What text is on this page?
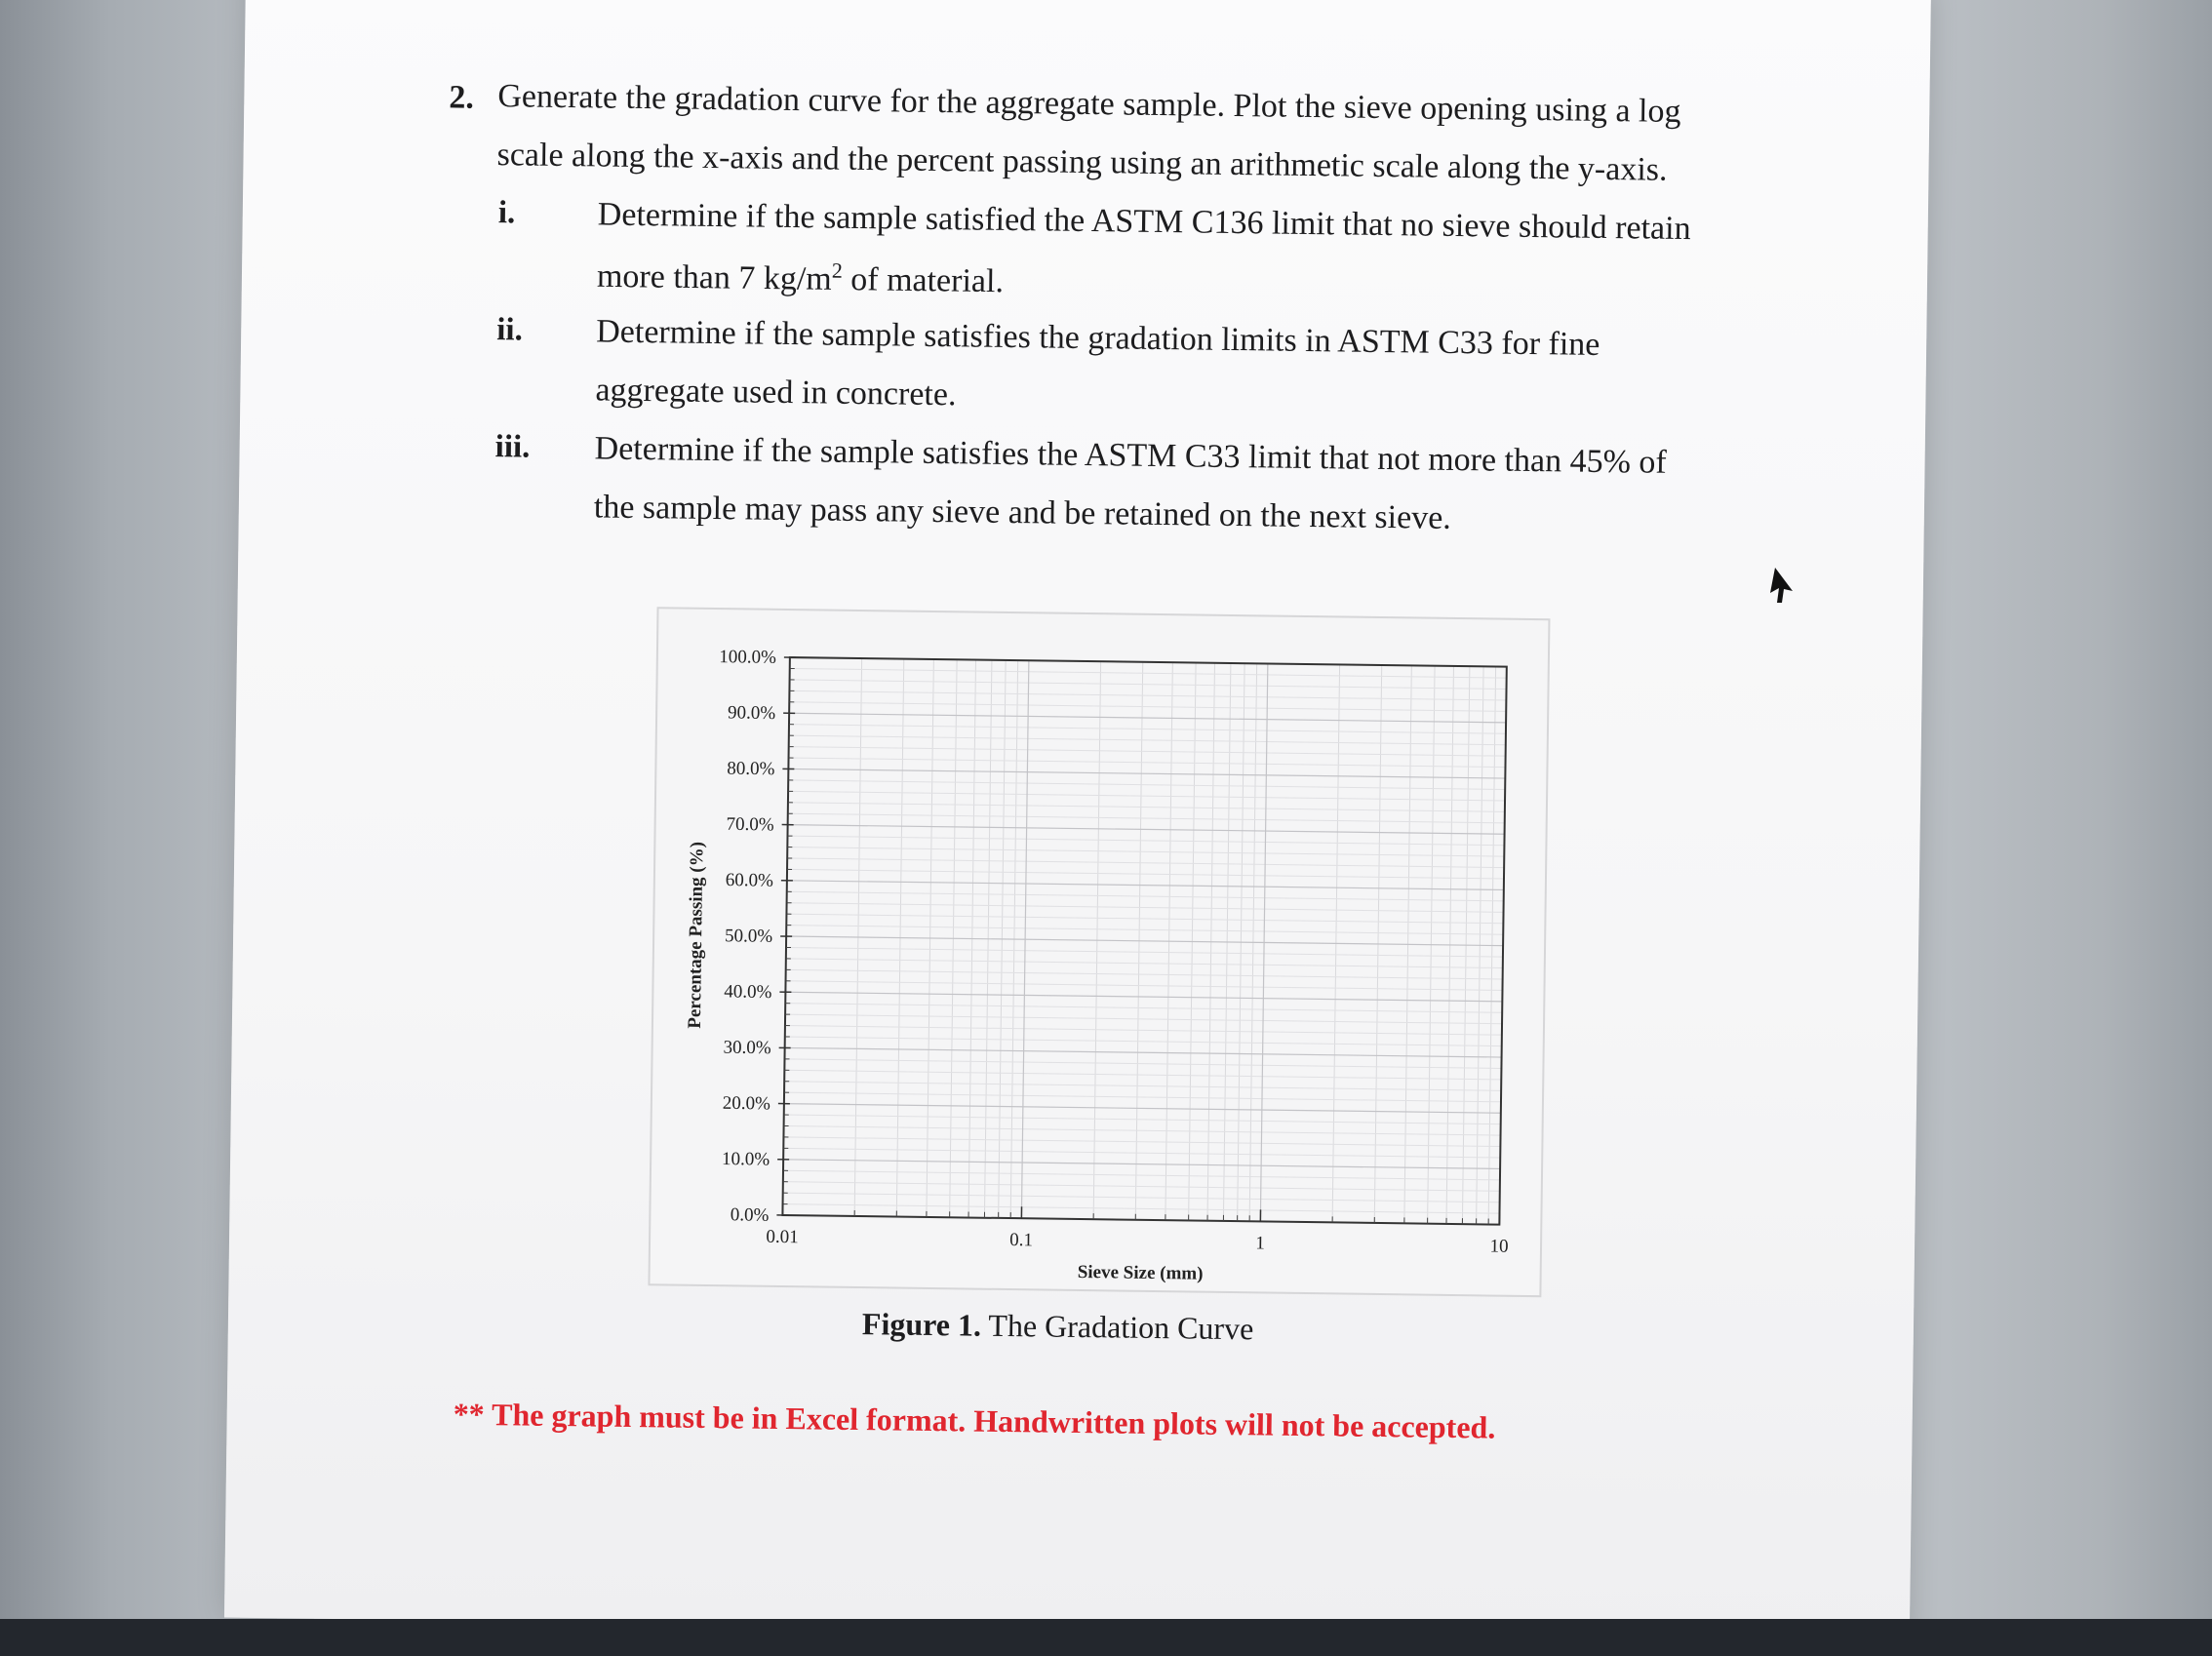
2. Generate the gradation curve for the aggregate sample. Plot the sieve opening using a log
scale along the x-axis and the percent passing using an arithmetic scale along the y-axis.
i. Determine if the sample satisfied the ASTM C136 limit that no sieve should retain
more than 7 $kg/m^2$ of material.
ii. Determine if the sample satisfies the gradation limits in ASTM C33 for fine
aggregate used in concrete.
iii. Determine if the sample satisfies the ASTM C33 limit that not more than 45% of
the sample may pass any sieve and be retained on the next sieve.
0.0%
10.0%
20.0%
30.0%
40.0%
50.0%
60.0%
70.0%
80.0%
90.0%
100.0%
0.01	0.1	1	10
Percentage Passing (%)
Sieve Size (mm)
Figure 1. The Gradation Curve
** The graph must be in Excel format. Handwritten plots will not be accepted.
